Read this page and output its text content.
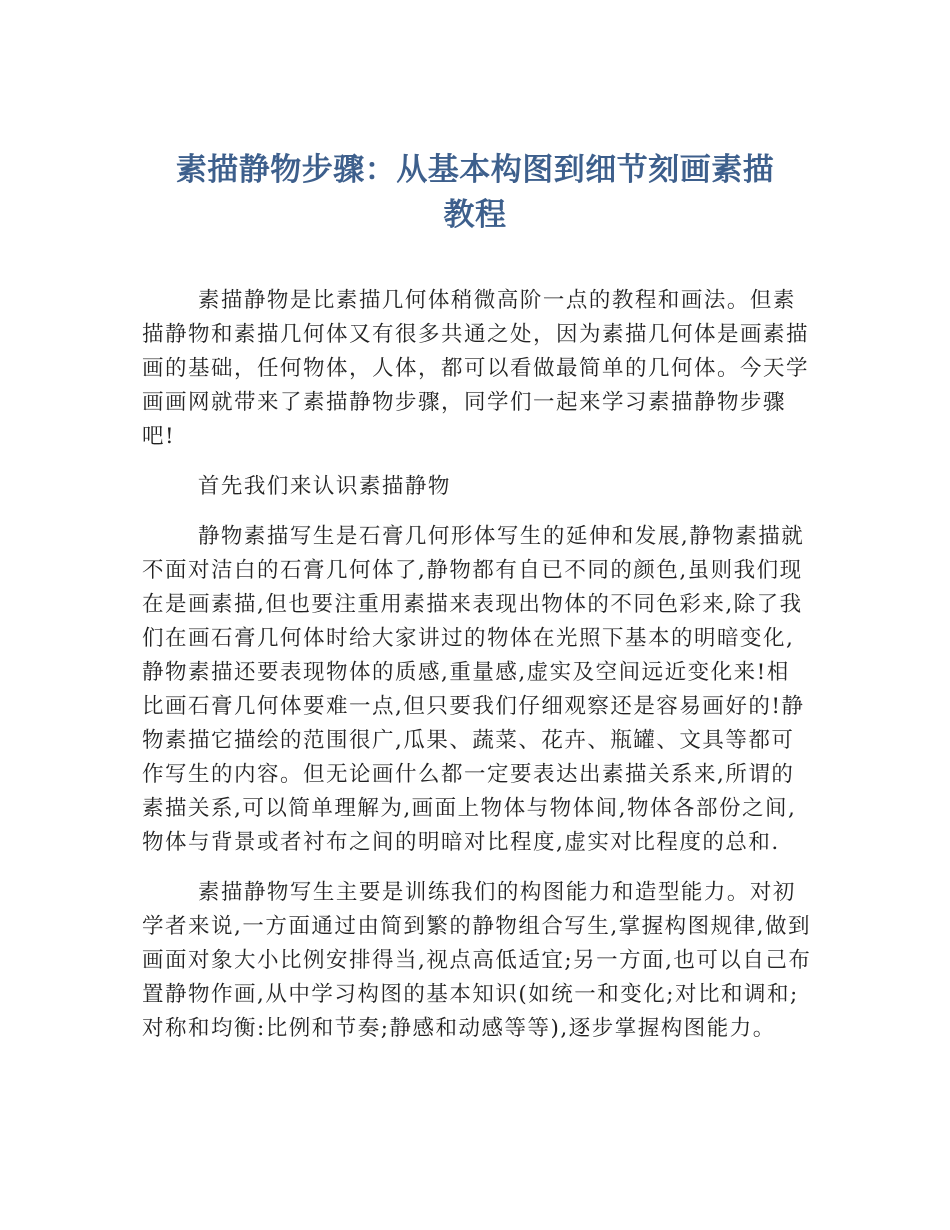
素描静物步骤：从基本构图到细节刻画素描
教程

素描静物是比素描几何体稍微高阶一点的教程和画法。但素描静物和素描几何体又有很多共通之处，因为素描几何体是画素描画的基础，任何物体，人体，都可以看做最简单的几何体。今天学画画网就带来了素描静物步骤，同学们一起来学习素描静物步骤吧!

首先我们来认识素描静物

静物素描写生是石膏几何形体写生的延伸和发展,静物素描就不面对洁白的石膏几何体了,静物都有自已不同的颜色,虽则我们现在是画素描,但也要注重用素描来表现出物体的不同色彩来,除了我们在画石膏几何体时给大家讲过的物体在光照下基本的明暗变化,静物素描还要表现物体的质感,重量感,虚实及空间远近变化来!相比画石膏几何体要难一点,但只要我们仔细观察还是容易画好的!静物素描它描绘的范围很广,瓜果、蔬菜、花卉、瓶罐、文具等都可作写生的内容。但无论画什么都一定要表达出素描关系来,所谓的素描关系,可以简单理解为,画面上物体与物体间,物体各部份之间,物体与背景或者衬布之间的明暗对比程度,虚实对比程度的总和.

素描静物写生主要是训练我们的构图能力和造型能力。对初学者来说,一方面通过由简到繁的静物组合写生,掌握构图规律,做到画面对象大小比例安排得当,视点高低适宜;另一方面,也可以自己布置静物作画,从中学习构图的基本知识(如统一和变化;对比和调和;对称和均衡:比例和节奏;静感和动感等等),逐步掌握构图能力。
